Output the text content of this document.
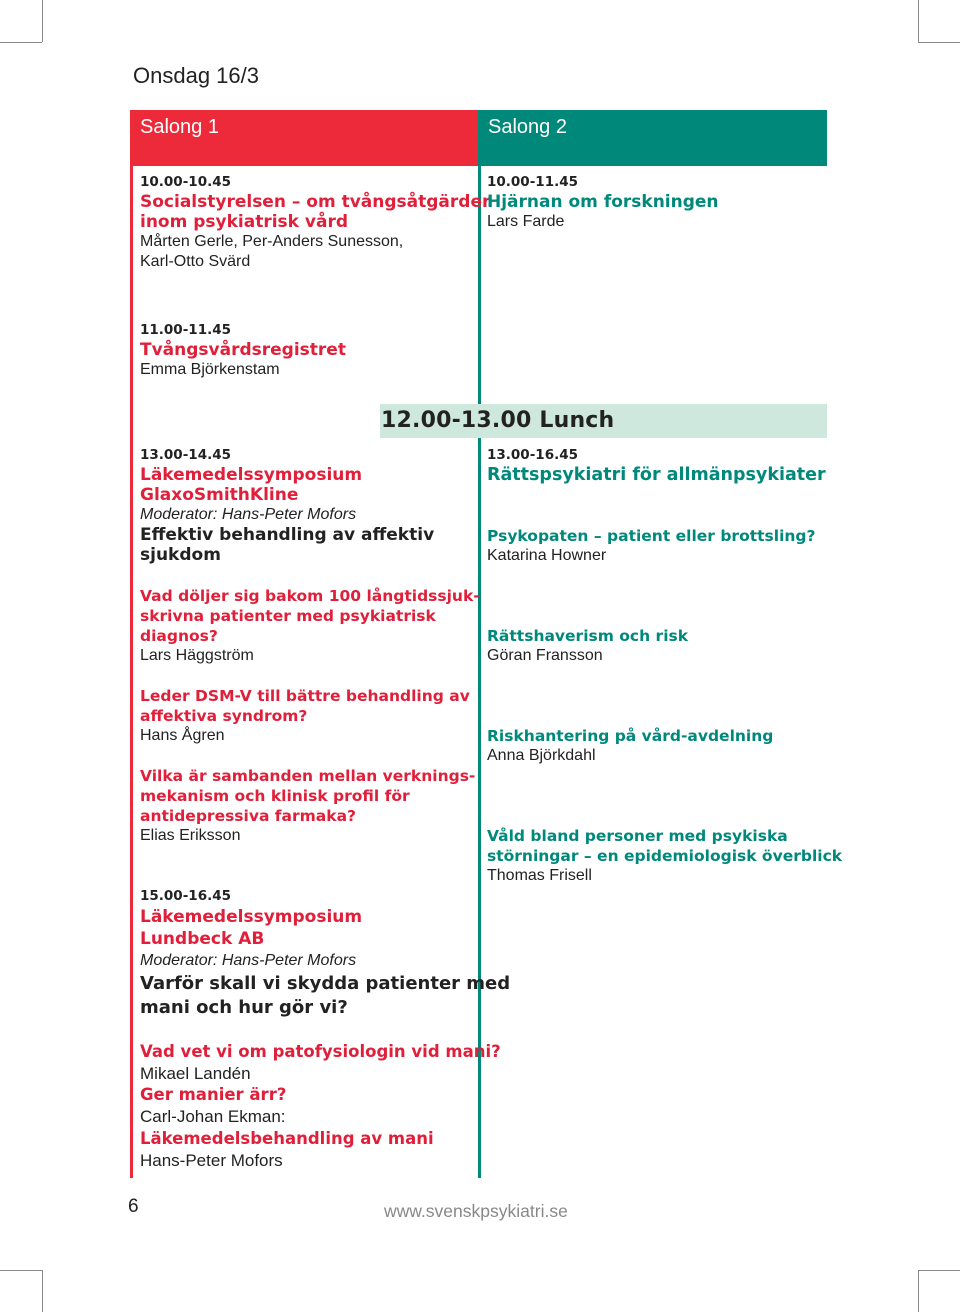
Onsdag 16/3
Salong 1	Salong 2
12.00-13.00 Lunch
10.00-10.45
Socialstyrelsen – om tvångsåtgärder
inom psykiatrisk vård
Mårten Gerle, Per-Anders Sunesson,
Karl-Otto Svärd
11.00-11.45
Tvångsvårdsregistret
Emma Björkenstam
13.00-14.45
Läkemedelssymposium
GlaxoSmithKline
Moderator: Hans-Peter Mofors
Effektiv behandling av affektiv
sjukdom
Vad döljer sig bakom 100 långtidssjuk-
skrivna patienter med psykiatrisk
diagnos?
Lars Häggström
Leder DSM-V till bättre behandling av
affektiva syndrom?
Hans Ågren
Vilka är sambanden mellan verknings-
mekanism och klinisk profil för
antidepressiva farmaka?
Elias Eriksson
15.00-16.45
Läkemedelssymposium
Lundbeck AB
Moderator: Hans-Peter Mofors
Varför skall vi skydda patienter med
mani och hur gör vi?
Vad vet vi om patofysiologin vid mani?
Mikael Landén
Ger manier ärr?
Carl-Johan Ekman:
Läkemedelsbehandling av mani
Hans-Peter Mofors
10.00-11.45
Hjärnan om forskningen
Lars Farde
13.00-16.45
Rättspsykiatri för allmänpsykiater
Psykopaten – patient eller brottsling?
Katarina Howner
Rättshaverism och risk
Göran Fransson
Riskhantering på vård-avdelning
Anna Björkdahl
Våld bland personer med psykiska
störningar – en epidemiologisk överblick
Thomas Frisell
6	www.svenskpsykiatri.se
